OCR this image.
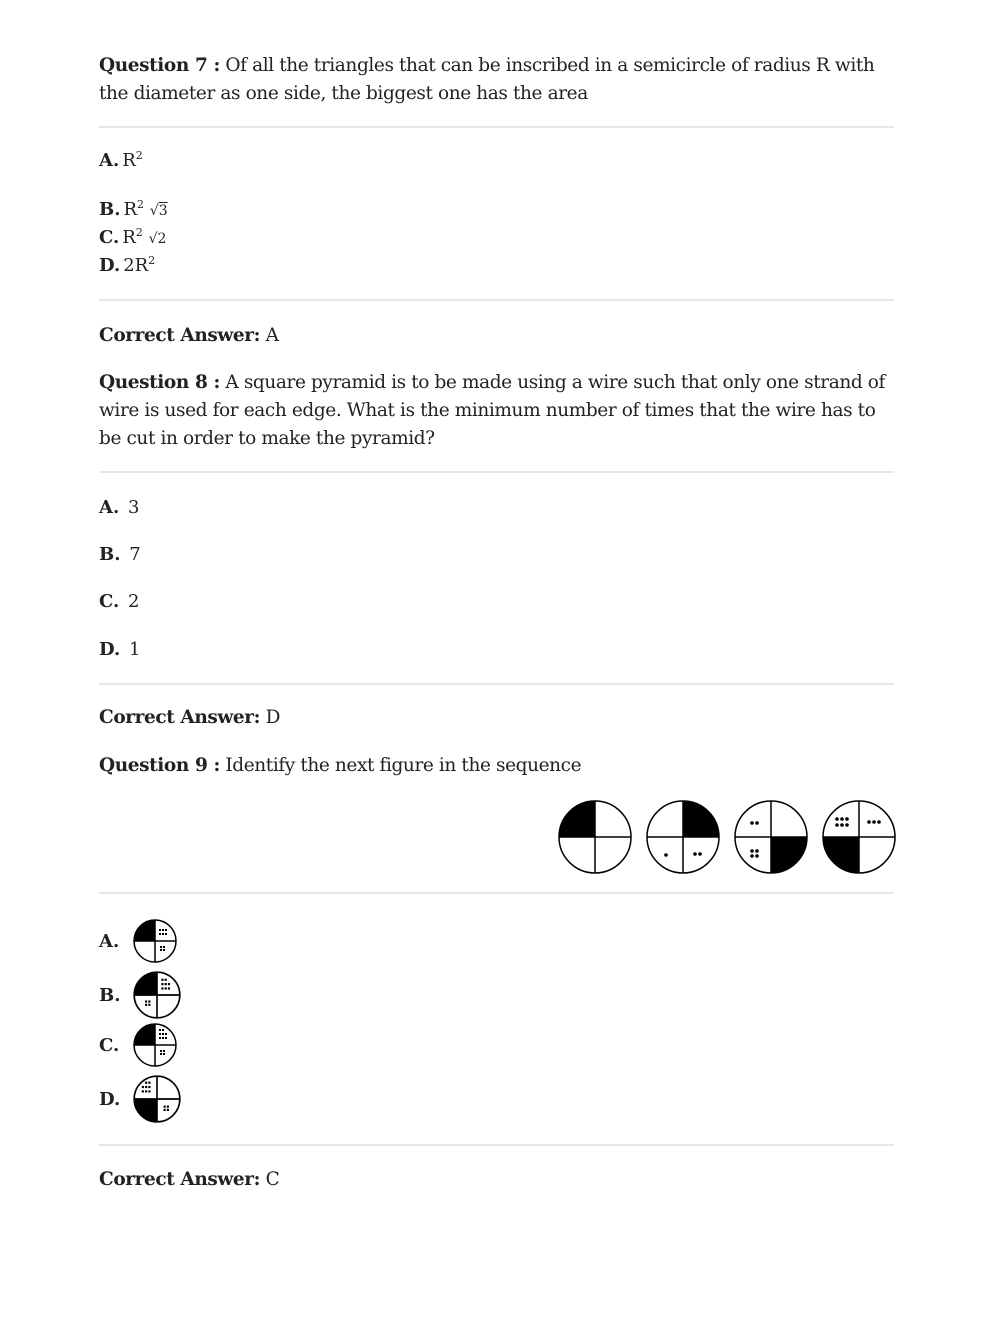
Question 7 : Of all the triangles that can be inscribed in a semicircle of radius R with the diameter as one side, the biggest one has the area
A. $R^2$
B. $R^2$ √3
C. $R^2$ √2
D. $2R^2$
Correct Answer: A
Question 8 : A square pyramid is to be made using a wire such that only one strand of wire is used for each edge. What is the minimum number of times that the wire has to be cut in order to make the pyramid?
A. 3
B. 7
C. 2
D. 1
Correct Answer: D
Question 9 : Identify the next figure in the sequence
A.
B.
C.
D.
Correct Answer: C
